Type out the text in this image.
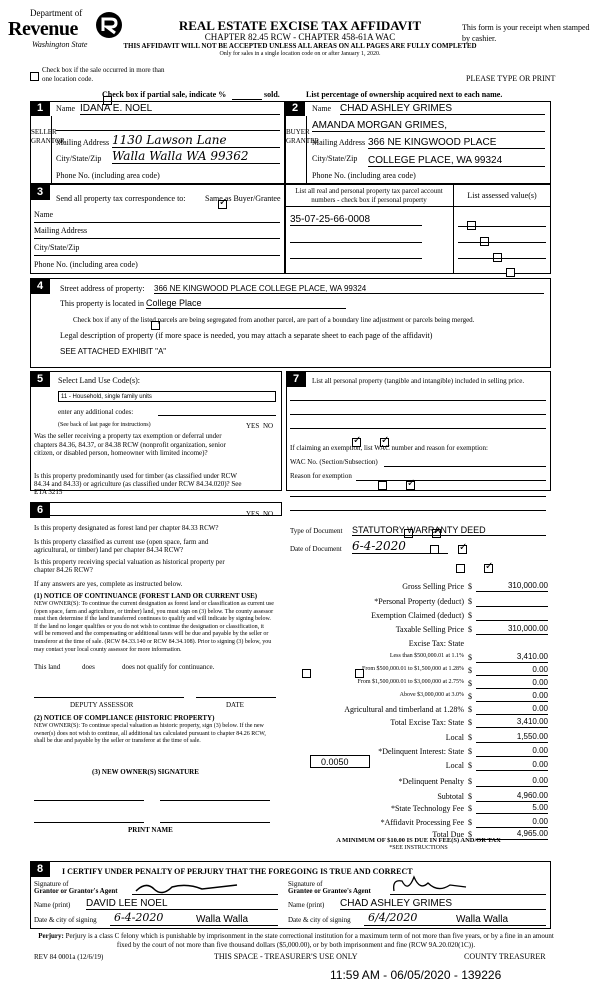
Department of
Revenue
Washington State
REAL ESTATE EXCISE TAX AFFIDAVIT
CHAPTER 82.45 RCW - CHAPTER 458-61A WAC
THIS AFFIDAVIT WILL NOT BE ACCEPTED UNLESS ALL AREAS ON ALL PAGES ARE FULLY COMPLETED
Only for sales in a single location code on or after January 1, 2020.
This form is your receipt when stamped by cashier.
PLEASE TYPE OR PRINT

Check box if the sale occurred in more than one location code.

Check box if partial sale, indicate %	sold.	List percentage of ownership acquired next to each name.
1	2
SELLER GRANTOR
BUYER GRANTEE
Name IDANA E. NOEL
Mailing Address 1130 Lawson Lane
City/State/Zip Walla Walla WA 99362
Phone No. (including area code)
Name CHAD ASHLEY GRIMES
AMANDA MORGAN GRIMES,
Mailing Address 366 NE KINGWOOD PLACE
City/State/Zip COLLEGE PLACE, WA 99324
Phone No. (including area code)
3
Send all property tax correspondence to:
✓ Same as Buyer/Grantee
Name
Mailing Address
City/State/Zip
Phone No. (including area code)
List all real and personal property tax parcel account numbers - check box if personal property	List assessed value(s)
35-07-25-66-0008

4	Street address of property: 366 NE KINGWOOD PLACE COLLEGE PLACE, WA 99324
This property is located in College Place

Check box if any of the listed parcels are being segregated from another parcel, are part of a boundary line adjustment or parcels being merged.
Legal description of property (if more space is needed, you may attach a separate sheet to each page of the affidavit)
SEE ATTACHED EXHIBIT "A"
5	Select Land Use Code(s):
11 - Household, single family units
enter any additional codes:
(See back of last page for instructions)	YES NO
Was the seller receiving a property tax exemption or deferral under chapters 84.36, 84.37, or 84.38 RCW (nonprofit organization, senior citizen, or disabled person, homeowner with limited income)?
✓ ✓
Is this property predominantly used for timber (as classified under RCW 84.34 and 84.33) or agriculture (as classified under RCW 84.34.020)? See ETA 3215
✓
6	YES NO
Is this property designated as forest land per chapter 84.33 RCW?
✓
Is this property classified as current use (open space, farm and agricultural, or timber) land per chapter 84.34 RCW?
✓
Is this property receiving special valuation as historical property per chapter 84.26 RCW?
✓
If any answers are yes, complete as instructed below.
(1) NOTICE OF CONTINUANCE (FOREST LAND OR CURRENT USE)
NEW OWNER(S): To continue the current designation as forest land or classification as current use (open space, farm and agriculture, or timber) land, you must sign on (3) below. The county assessor must then determine if the land transferred continues to qualify and will indicate by signing below. If the land no longer qualifies or you do not wish to continue the designation or classification, it will be removed and the compensating or additional taxes will be due and payable by the seller or transferor at the time of sale. (RCW 84.33.140 or RCW 84.34.108). Prior to signing (3) below, you may contact your local county assessor for more information.
This land
	does	does not qualify for continuance.
DEPUTY ASSESSOR	DATE
(2) NOTICE OF COMPLIANCE (HISTORIC PROPERTY)
NEW OWNER(S): To continue special valuation as historic property, sign (3) below. If the new owner(s) does not wish to continue, all additional tax calculated pursuant to chapter 84.26 RCW, shall be due and payable by the seller or transferor at the time of sale.
(3) NEW OWNER(S) SIGNATURE
PRINT NAME
7	List all personal property (tangible and intangible) included in selling price.
If claiming an exemption, list WAC number and reason for exemption:
WAC No. (Section/Subsection)
Reason for exemption
Type of Document STATUTORY WARRANTY DEED
Date of Document 6-4-2020
Gross Selling Price $	310,000.00
*Personal Property (deduct) $
Exemption Claimed (deduct) $
Taxable Selling Price $	310,000.00
Excise Tax: State
Less than $500,000.01 at 1.1% $	3,410.00
From $500,000.01 to $1,500,000 at 1.28% $	0.00
From $1,500,000.01 to $3,000,000 at 2.75% $	0.00
Above $3,000,000 at 3.0% $	0.00
Agricultural and timberland at 1.28% $	0.00
Total Excise Tax: State $	3,410.00
Local $	1,550.00
*Delinquent Interest: State $	0.00
Local $	0.00
*Delinquent Penalty $	0.00
Subtotal $	4,960.00
*State Technology Fee $	5.00
*Affidavit Processing Fee $	0.00
Total Due $	4,965.00
0.0050
A MINIMUM OF $10.00 IS DUE IN FEE(S) AND/OR TAX
*SEE INSTRUCTIONS
8	I CERTIFY UNDER PENALTY OF PERJURY THAT THE FOREGOING IS TRUE AND CORRECT
Signature of
Grantor or Grantor's Agent
Signature of
Grantee or Grantee's Agent
Name (print) DAVID LEE NOEL	Name (print) CHAD ASHLEY GRIMES
Date & city of signing 6-4-2020	Walla Walla	Date & city of signing 6/4/2020	Walla Walla
Perjury: Perjury is a class C felony which is punishable by imprisonment in the state correctional institution for a maximum term of not more than five years, or by a fine in an amount fixed by the court of not more than five thousand dollars ($5,000.00), or by both imprisonment and fine (RCW 9A.20.020(1C)).
REV 84 0001a (12/6/19)	THIS SPACE - TREASURER'S USE ONLY	COUNTY TREASURER
11:59 AM - 06/05/2020 - 139226
